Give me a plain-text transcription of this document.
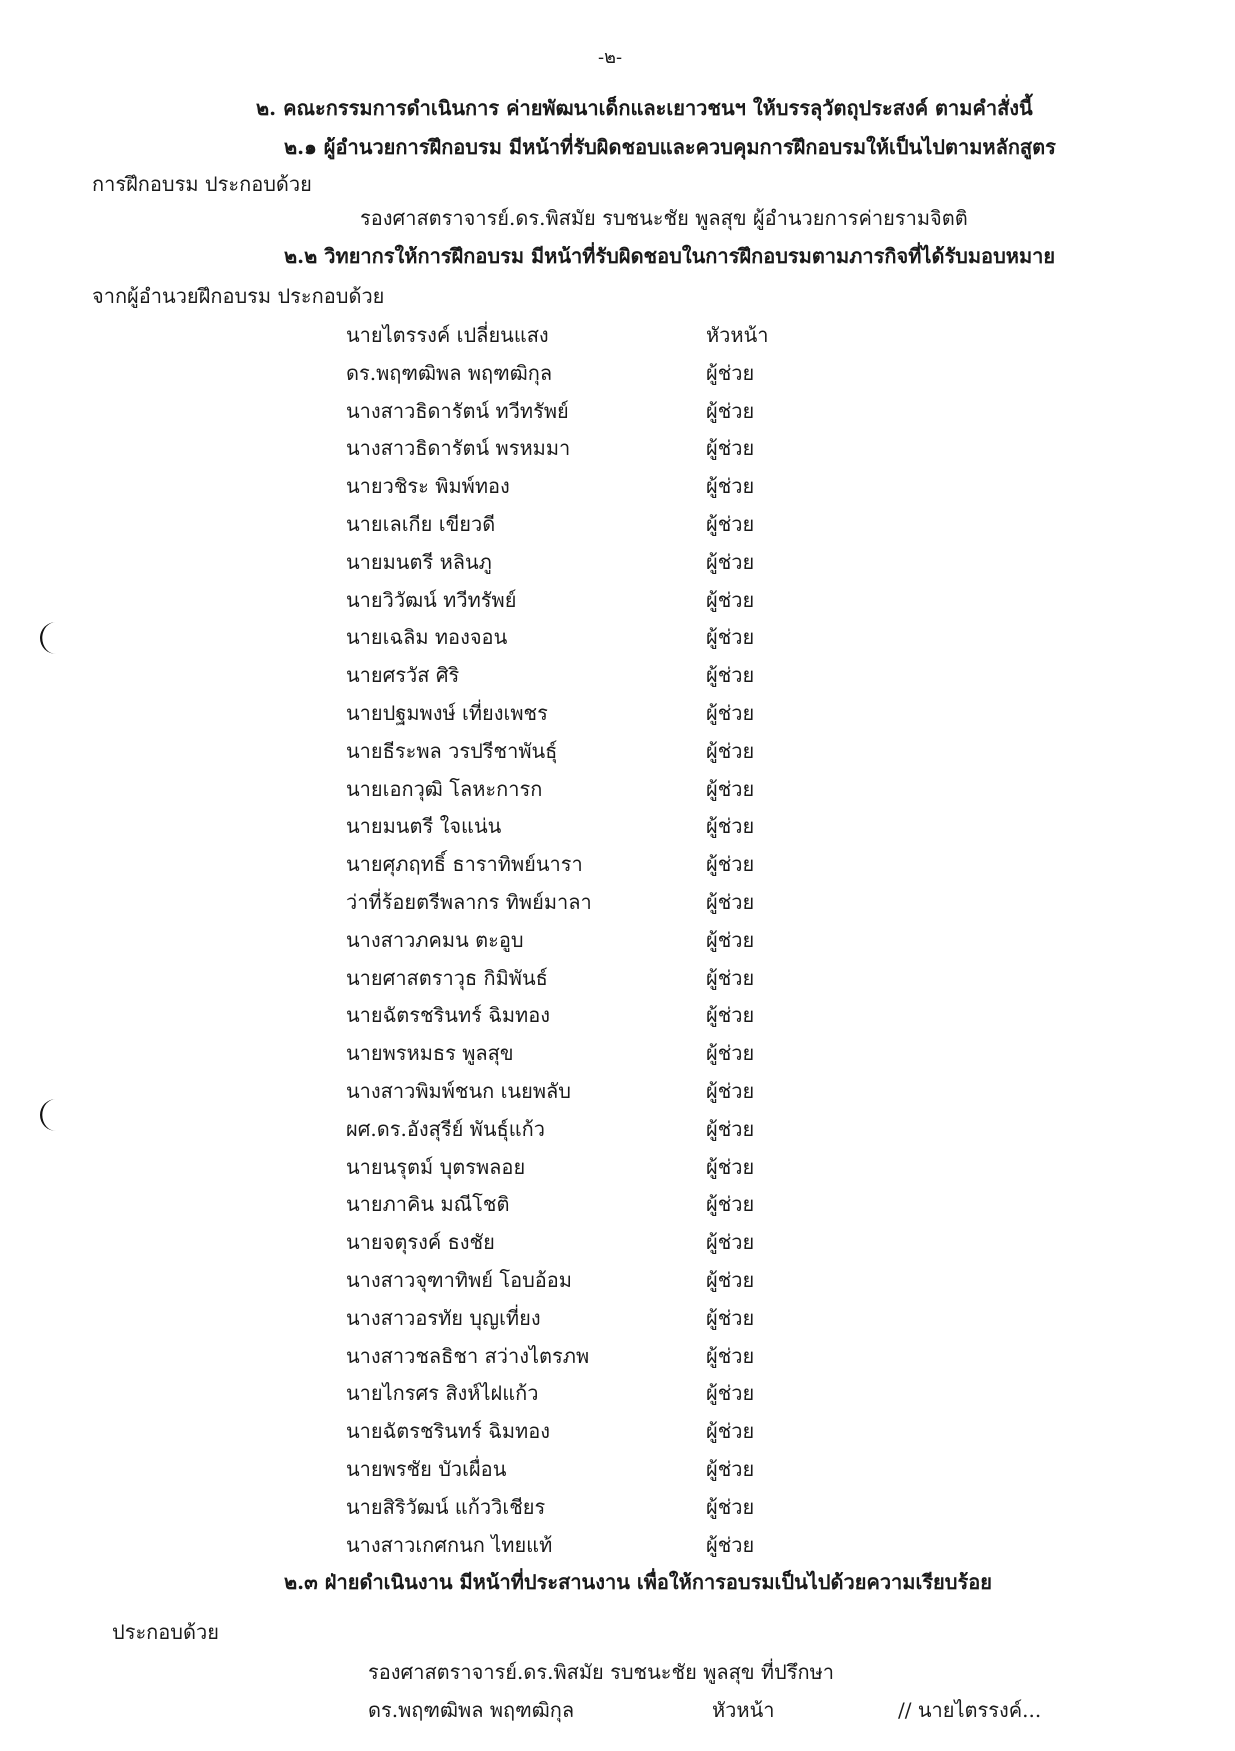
-๒-
๒. คณะกรรมการดำเนินการ ค่ายพัฒนาเด็กและเยาวชนฯ ให้บรรลุวัตถุประสงค์ ตามคำสั่งนี้
๒.๑ ผู้อำนวยการฝึกอบรม มีหน้าที่รับผิดชอบและควบคุมการฝึกอบรมให้เป็นไปตามหลักสูตร
การฝึกอบรม ประกอบด้วย
รองศาสตราจารย์.ดร.พิสมัย รบชนะชัย พูลสุข ผู้อำนวยการค่ายรามจิตติ
๒.๒ วิทยากรให้การฝึกอบรม มีหน้าที่รับผิดชอบในการฝึกอบรมตามภารกิจที่ได้รับมอบหมาย
จากผู้อำนวยฝึกอบรม ประกอบด้วย
นายไตรรงค์ เปลี่ยนแสง	หัวหน้า
ดร.พฤฑฒิพล พฤฑฒิกุล	ผู้ช่วย
นางสาวธิดารัตน์ ทวีทรัพย์	ผู้ช่วย
นางสาวธิดารัตน์ พรหมมา	ผู้ช่วย
นายวชิระ พิมพ์ทอง	ผู้ช่วย
นายเลเกีย เขียวดี	ผู้ช่วย
นายมนตรี หลินภู	ผู้ช่วย
นายวิวัฒน์ ทวีทรัพย์	ผู้ช่วย
นายเฉลิม ทองจอน	ผู้ช่วย
นายศรวัส ศิริ	ผู้ช่วย
นายปฐมพงษ์ เที่ยงเพชร	ผู้ช่วย
นายธีระพล วรปรีชาพันธุ์	ผู้ช่วย
นายเอกวุฒิ โลหะการก	ผู้ช่วย
นายมนตรี ใจแน่น	ผู้ช่วย
นายศุภฤทธิ์ ธาราทิพย์นารา	ผู้ช่วย
ว่าที่ร้อยตรีพลากร ทิพย์มาลา	ผู้ช่วย
นางสาวภคมน ตะอูบ	ผู้ช่วย
นายศาสตราวุธ กิมิพันธ์	ผู้ช่วย
นายฉัตรชรินทร์ ฉิมทอง	ผู้ช่วย
นายพรหมธร พูลสุข	ผู้ช่วย
นางสาวพิมพ์ชนก เนยพลับ	ผู้ช่วย
ผศ.ดร.อังสุรีย์ พันธุ์แก้ว	ผู้ช่วย
นายนรุตม์ บุตรพลอย	ผู้ช่วย
นายภาคิน มณีโชติ	ผู้ช่วย
นายจตุรงค์ ธงชัย	ผู้ช่วย
นางสาวจุฑาทิพย์ โอบอ้อม	ผู้ช่วย
นางสาวอรทัย บุญเที่ยง	ผู้ช่วย
นางสาวชลธิชา สว่างไตรภพ	ผู้ช่วย
นายไกรศร สิงห์ไฝแก้ว	ผู้ช่วย
นายฉัตรชรินทร์ ฉิมทอง	ผู้ช่วย
นายพรชัย บัวเผื่อน	ผู้ช่วย
นายสิริวัฒน์ แก้ววิเชียร	ผู้ช่วย
นางสาวเกศกนก ไทยแท้	ผู้ช่วย
๒.๓ ฝ่ายดำเนินงาน มีหน้าที่ประสานงาน เพื่อให้การอบรมเป็นไปด้วยความเรียบร้อย
ประกอบด้วย
รองศาสตราจารย์.ดร.พิสมัย รบชนะชัย พูลสุข ที่ปรึกษา
ดร.พฤฑฒิพล พฤฑฒิกุล	หัวหน้า	// นายไตรรงค์...
